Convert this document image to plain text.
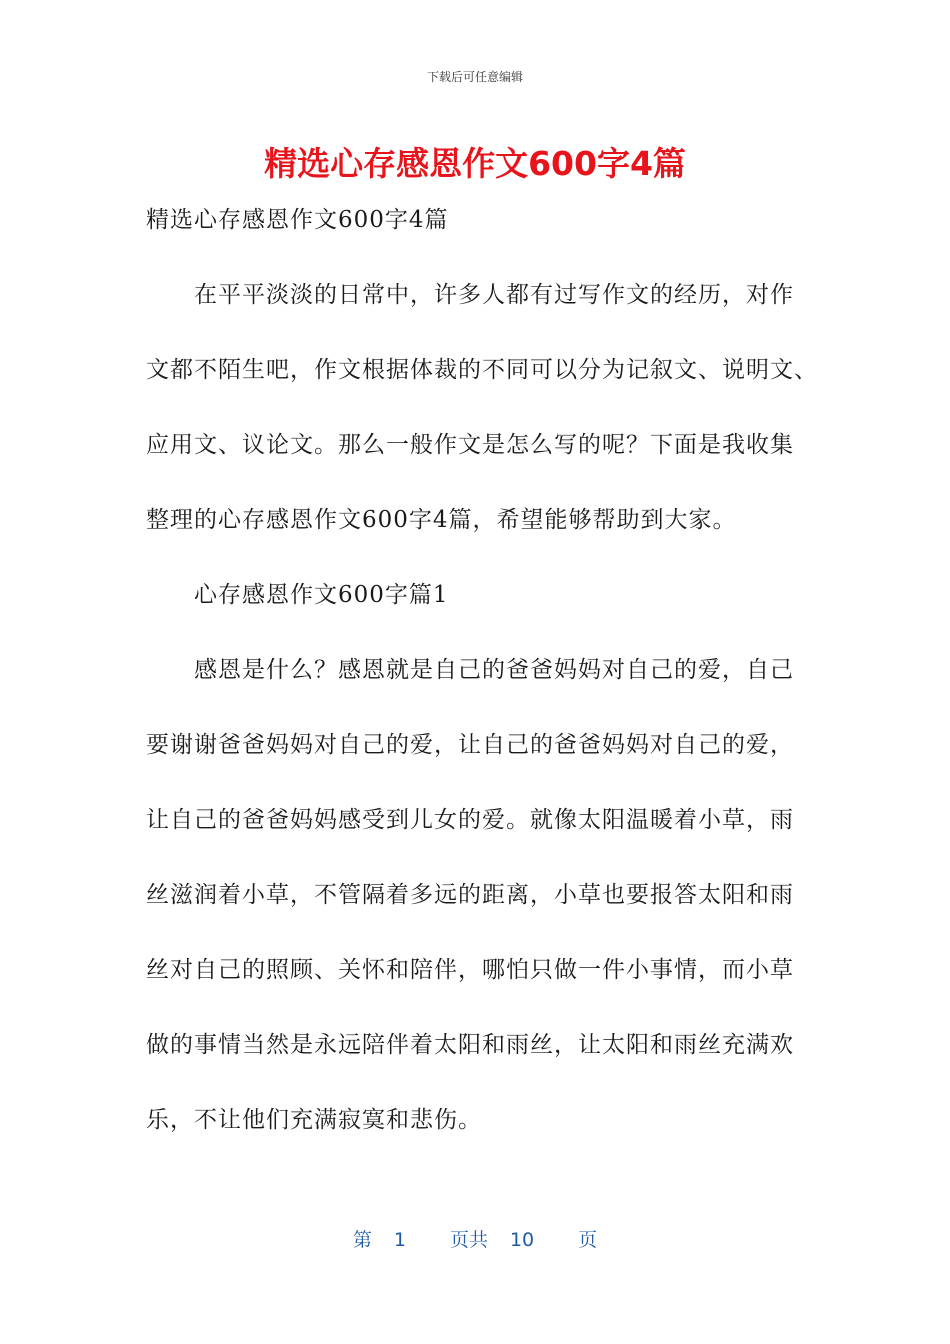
下载后可任意编辑
精选心存感恩作文600字4篇
精选心存感恩作文600字4篇
在平平淡淡的日常中，许多人都有过写作文的经历，对作
文都不陌生吧，作文根据体裁的不同可以分为记叙文、说明文、
应用文、议论文。那么一般作文是怎么写的呢？下面是我收集
整理的心存感恩作文600字4篇，希望能够帮助到大家。
心存感恩作文600字篇1
感恩是什么？感恩就是自己的爸爸妈妈对自己的爱，自己
要谢谢爸爸妈妈对自己的爱，让自己的爸爸妈妈对自己的爱，
让自己的爸爸妈妈感受到儿女的爱。就像太阳温暖着小草，雨
丝滋润着小草，不管隔着多远的距离，小草也要报答太阳和雨
丝对自己的照顾、关怀和陪伴，哪怕只做一件小事情，而小草
做的事情当然是永远陪伴着太阳和雨丝，让太阳和雨丝充满欢
乐，不让他们充满寂寞和悲伤。
第 1 页共 10 页
